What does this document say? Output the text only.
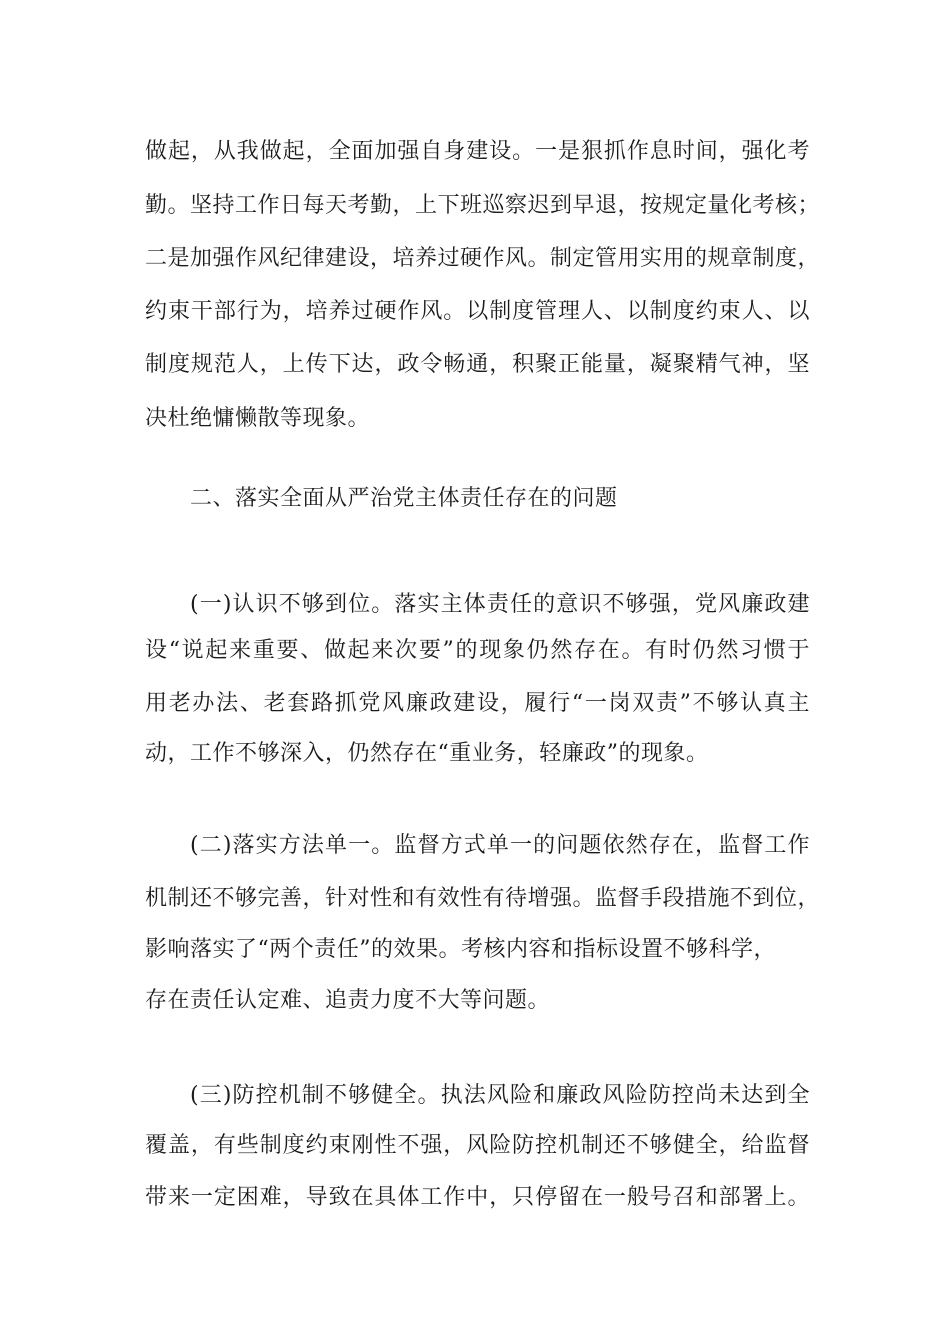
做起，从我做起，全面加强自身建设。一是狠抓作息时间，强化考
勤。坚持工作日每天考勤，上下班巡察迟到早退，按规定量化考核；
二是加强作风纪律建设，培养过硬作风。制定管用实用的规章制度，
约束干部行为，培养过硬作风。以制度管理人、以制度约束人、以
制度规范人，上传下达，政令畅通，积聚正能量，凝聚精气神，坚
决杜绝慵懒散等现象。
二、落实全面从严治党主体责任存在的问题
(一)认识不够到位。落实主体责任的意识不够强，党风廉政建
设“说起来重要、做起来次要”的现象仍然存在。有时仍然习惯于
用老办法、老套路抓党风廉政建设，履行“一岗双责”不够认真主
动，工作不够深入，仍然存在“重业务，轻廉政”的现象。
(二)落实方法单一。监督方式单一的问题依然存在，监督工作
机制还不够完善，针对性和有效性有待增强。监督手段措施不到位，
影响落实了“两个责任”的效果。考核内容和指标设置不够科学，
存在责任认定难、追责力度不大等问题。
(三)防控机制不够健全。执法风险和廉政风险防控尚未达到全
覆盖，有些制度约束刚性不强，风险防控机制还不够健全，给监督
带来一定困难，导致在具体工作中，只停留在一般号召和部署上。
